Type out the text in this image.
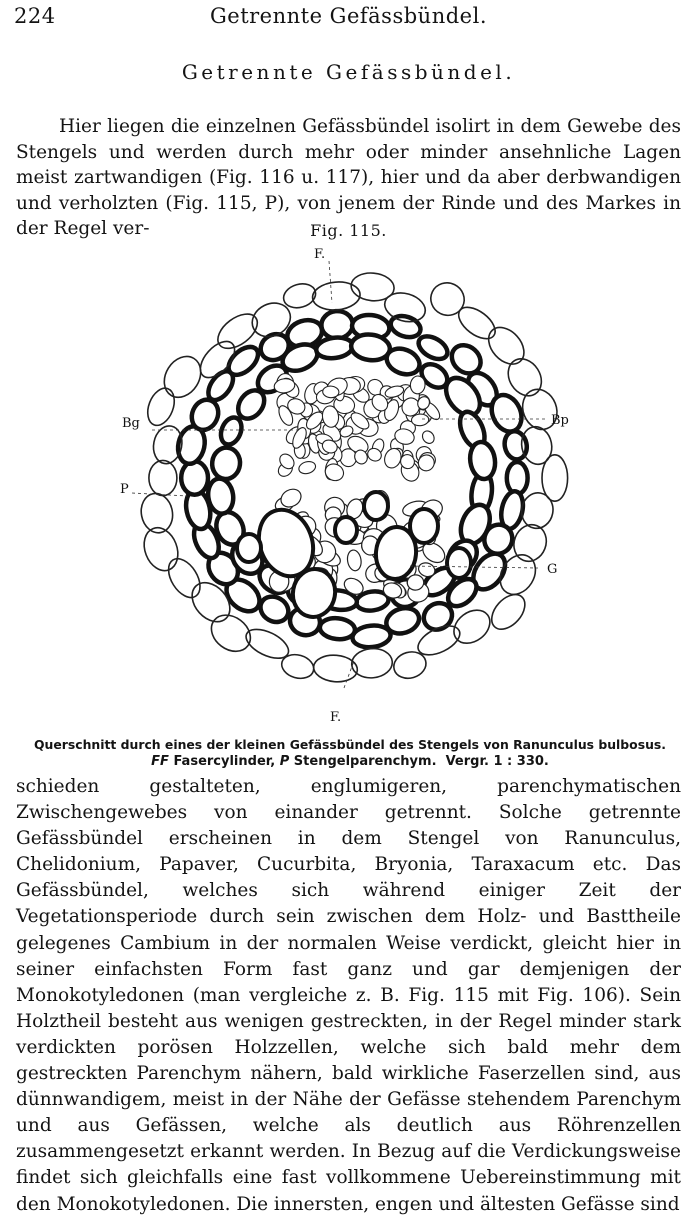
224	Getrennte Gefässbündel.
Getrennte Gefässbündel.

Hier liegen die einzelnen Gefässbündel isolirt in dem Gewebe des Stengels und werden durch mehr oder minder ansehnliche Lagen meist zartwandigen (Fig. 116 u. 117), hier und da aber derbwandigen und verholzten (Fig. 115, P), von jenem der Rinde und des Markes in der Regel ver-	Fig. 115.
F.
Bg	Bp
P
G
F.
Querschnitt durch eines der kleinen Gefässbündel des Stengels von Ranunculus bulbosus.
FF Fasercylinder, P Stengelparenchym. Vergr. 1 : 330.

schieden gestalteten, englumigeren, parenchymatischen Zwischengewebes von einander getrennt. Solche getrennte Gefässbündel erscheinen in dem Stengel von Ranunculus, Chelidonium, Papaver, Cucurbita, Bryonia, Taraxacum etc. Das Gefässbündel, welches sich während einiger Zeit der Vegetationsperiode durch sein zwischen dem Holz- und Basttheile gelegenes Cambium in der normalen Weise verdickt, gleicht hier in seiner einfachsten Form fast ganz und gar demjenigen der Monokotyledonen (man vergleiche z. B. Fig. 115 mit Fig. 106). Sein Holztheil besteht aus wenigen gestreckten, in der Regel minder stark verdickten porösen Holzzellen, welche sich bald mehr dem gestreckten Parenchym nähern, bald wirkliche Faserzellen sind, aus dünnwandigem, meist in der Nähe der Gefässe stehendem Parenchym und aus Gefässen, welche als deutlich aus Röhrenzellen zusammengesetzt erkannt werden. In Bezug auf die Verdickungsweise findet sich gleichfalls eine fast vollkommene Uebereinstimmung mit den Monokotyledonen. Die innersten, engen und ältesten Gefässe sind
